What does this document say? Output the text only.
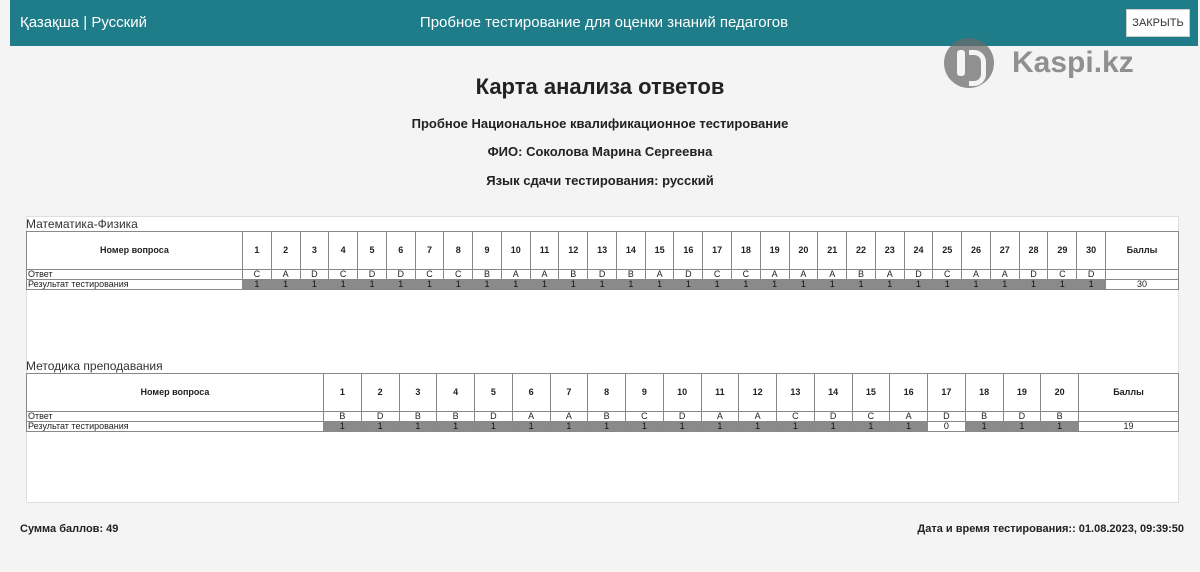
Қазақша | Русский	Пробное тестирование для оценки знаний педагогов	ЗАКРЫТЬ
Kaspi.kz
Карта анализа ответов
Пробное Национальное квалификационное тестирование
ФИО: Соколова Марина Сергеевна
Язык сдачи тестирования: русский
Математика-Физика
Номер вопроса	1	2	3	4	5	6	7	8	9	10	11	12	13	14	15	16	17	18	19	20	21	22	23	24	25	26	27	28	29	30	Баллы
Ответ	C	A	D	C	D	D	C	C	B	A	A	B	D	B	A	D	C	C	A	A	A	B	A	D	C	A	A	D	C	D	
Результат тестирования	1	1	1	1	1	1	1	1	1	1	1	1	1	1	1	1	1	1	1	1	1	1	1	1	1	1	1	1	1	1	30
Методика преподавания
Номер вопроса	1	2	3	4	5	6	7	8	9	10	11	12	13	14	15	16	17	18	19	20	Баллы
Ответ	B	D	B	B	D	A	A	B	C	D	A	A	C	D	C	A	D	B	D	B	
Результат тестирования	1	1	1	1	1	1	1	1	1	1	1	1	1	1	1	1	0	1	1	1	19
Сумма баллов: 49	Дата и время тестирования:: 01.08.2023, 09:39:50
